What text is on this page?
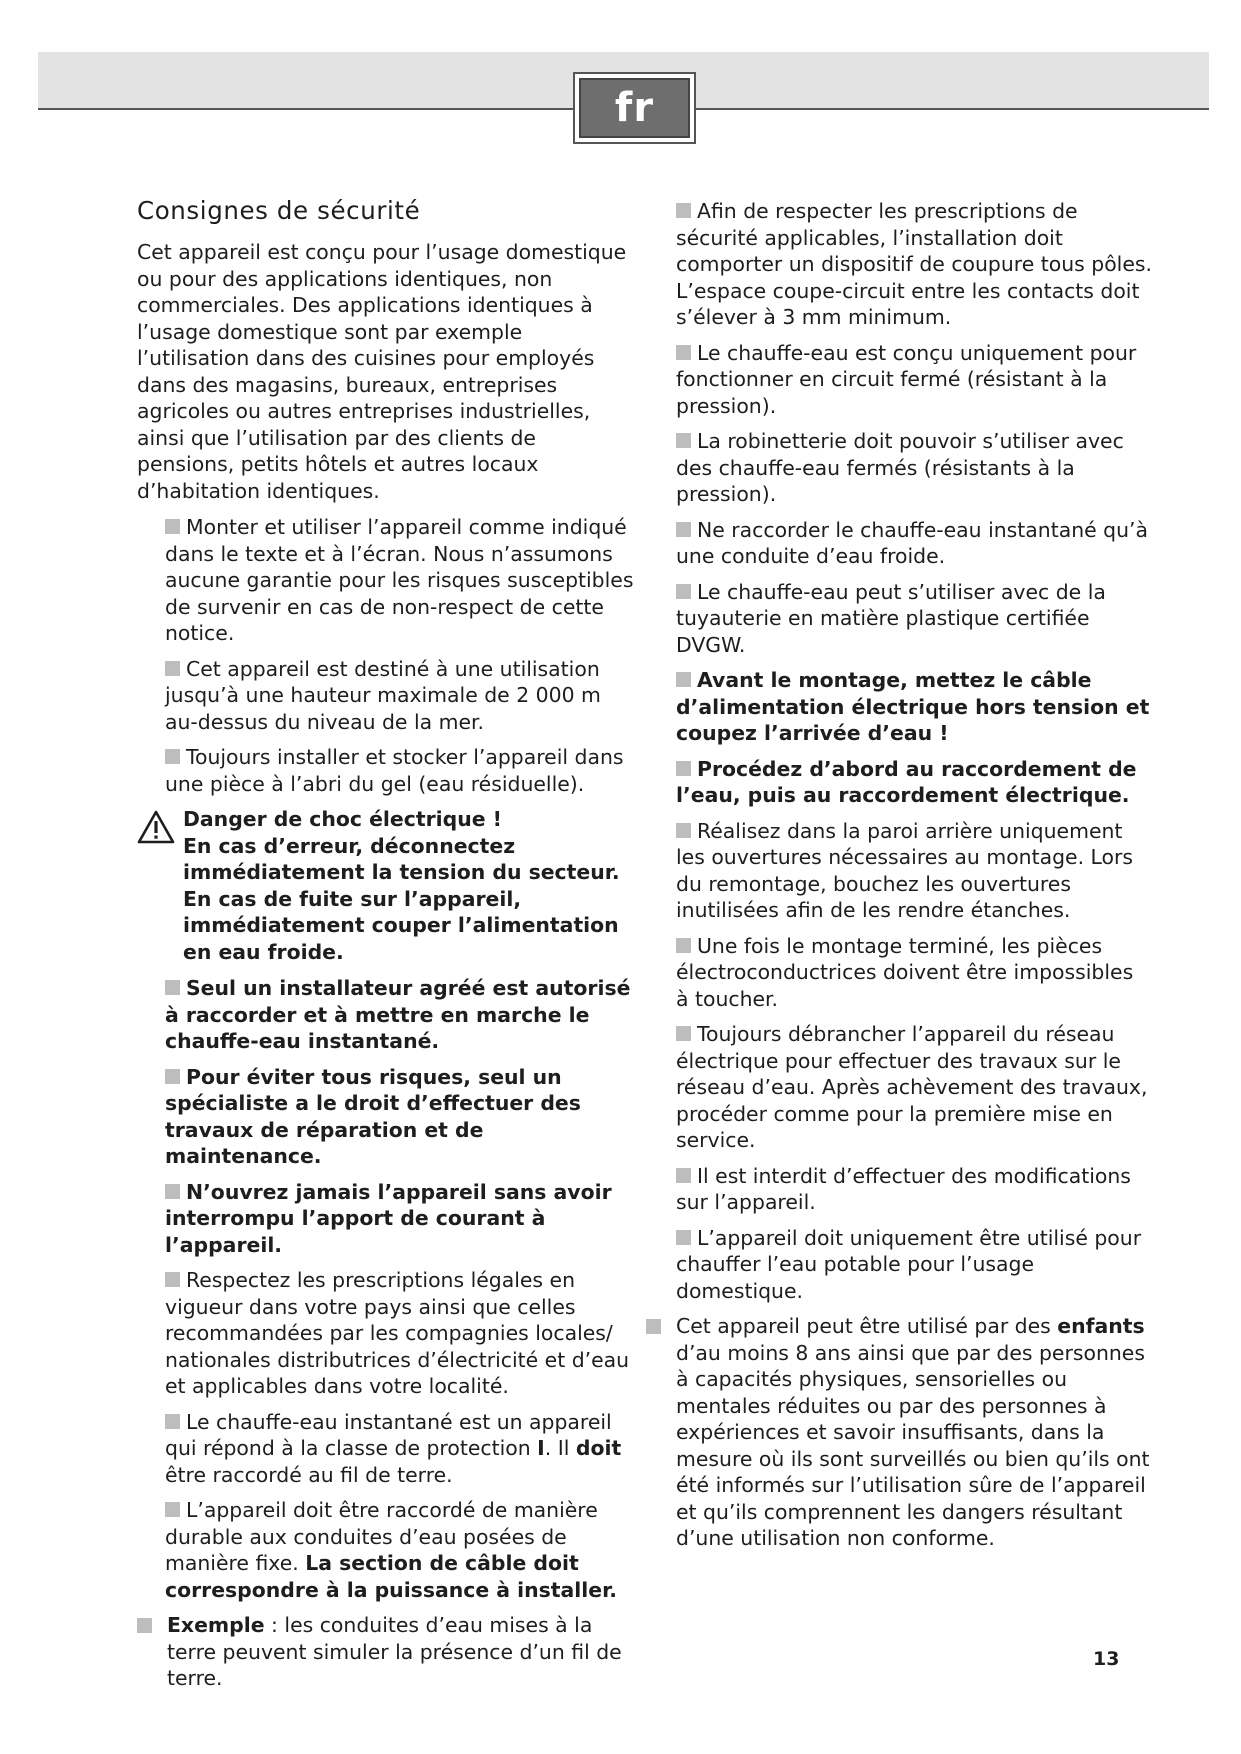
fr
Consignes de sécurité
Cet appareil est conçu pour l’usage domestique ou pour des applications identiques, non commerciales. Des applications identiques à l’usage domestique sont par exemple l’utilisation dans des cuisines pour employés dans des magasins, bureaux, entreprises agricoles ou autres entreprises industrielles, ainsi que l’utilisation par des clients de pensions, petits hôtels et autres locaux d’habitation identiques.
Monter et utiliser l’appareil comme indiqué dans le texte et à l’écran. Nous n’assumons aucune garantie pour les risques susceptibles de survenir en cas de non-respect de cette notice.
Cet appareil est destiné à une utilisation jusqu’à une hauteur maximale de 2 000 m au-dessus du niveau de la mer.
Toujours installer et stocker l’appareil dans une pièce à l’abri du gel (eau résiduelle).
Danger de choc électrique !
En cas d’erreur, déconnectez immédiatement la tension du secteur.
En cas de fuite sur l’appareil, immédiatement couper l’alimentation en eau froide.
Seul un installateur agréé est autorisé à raccorder et à mettre en marche le chauffe-eau instantané.
Pour éviter tous risques, seul un spécialiste a le droit d’effectuer des travaux de réparation et de maintenance.
N’ouvrez jamais l’appareil sans avoir interrompu l’apport de courant à l’appareil.
Respectez les prescriptions légales en vigueur dans votre pays ainsi que celles recommandées par les compagnies locales/ nationales distributrices d’électricité et d’eau et applicables dans votre localité.
Le chauffe-eau instantané est un appareil qui répond à la classe de protection I. Il doit être raccordé au fil de terre.
L’appareil doit être raccordé de manière durable aux conduites d’eau posées de manière fixe. La section de câble doit correspondre à la puissance à installer.
Exemple : les conduites d’eau mises à la terre peuvent simuler la présence d’un fil de terre.
Afin de respecter les prescriptions de sécurité applicables, l’installation doit comporter un dispositif de coupure tous pôles. L’espace coupe-circuit entre les contacts doit s’élever à 3 mm minimum.
Le chauffe-eau est conçu uniquement pour fonctionner en circuit fermé (résistant à la pression).
La robinetterie doit pouvoir s’utiliser avec des chauffe-eau fermés (résistants à la pression).
Ne raccorder le chauffe-eau instantané qu’à une conduite d’eau froide.
Le chauffe-eau peut s’utiliser avec de la tuyauterie en matière plastique certifiée DVGW.
Avant le montage, mettez le câble d’alimentation électrique hors tension et coupez l’arrivée d’eau !
Procédez d’abord au raccordement de l’eau, puis au raccordement électrique.
Réalisez dans la paroi arrière uniquement les ouvertures nécessaires au montage. Lors du remontage, bouchez les ouvertures inutilisées afin de les rendre étanches.
Une fois le montage terminé, les pièces électroconductrices doivent être impossibles à toucher.
Toujours débrancher l’appareil du réseau électrique pour effectuer des travaux sur le réseau d’eau. Après achèvement des travaux, procéder comme pour la première mise en service.
Il est interdit d’effectuer des modifications sur l’appareil.
L’appareil doit uniquement être utilisé pour chauffer l’eau potable pour l’usage domestique.
Cet appareil peut être utilisé par des enfants d’au moins 8 ans ainsi que par des personnes à capacités physiques, sensorielles ou mentales réduites ou par des personnes à expériences et savoir insuffisants, dans la mesure où ils sont surveillés ou bien qu’ils ont été informés sur l’utilisation sûre de l’appareil et qu’ils comprennent les dangers résultant d’une utilisation non conforme.
13
